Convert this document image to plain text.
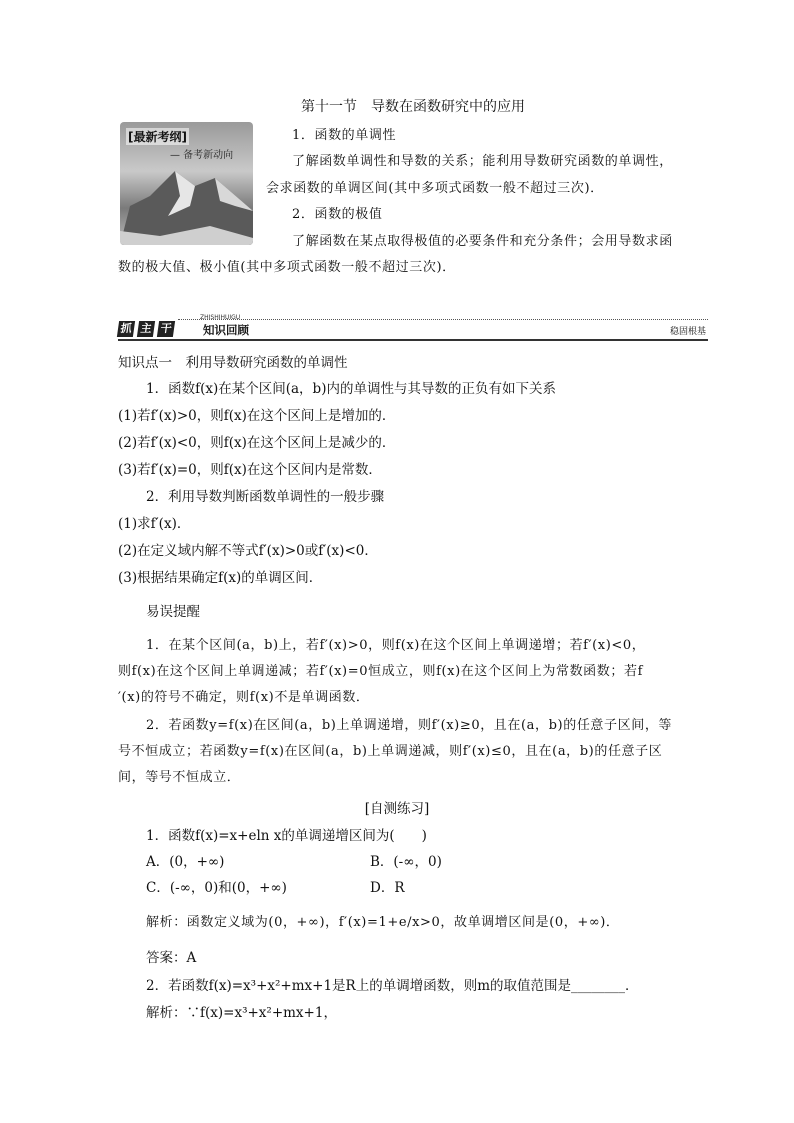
第十一节　导数在函数研究中的应用
[最新考纲]
— 备考新动向
1．函数的单调性
了解函数单调性和导数的关系；能利用导数研究函数的单调性，
会求函数的单调区间(其中多项式函数一般不超过三次)．
2．函数的极值
了解函数在某点取得极值的必要条件和充分条件；会用导数求函
数的极大值、极小值(其中多项式函数一般不超过三次)．
抓 主 干
ZHISHIHUIGU
知识回顾	稳固根基
知识点一　利用导数研究函数的单调性
1．函数f(x)在某个区间(a，b)内的单调性与其导数的正负有如下关系
(1)若f′(x)>0，则f(x)在这个区间上是增加的．
(2)若f′(x)<0，则f(x)在这个区间上是减少的．
(3)若f′(x)=0，则f(x)在这个区间内是常数．
2．利用导数判断函数单调性的一般步骤
(1)求f′(x)．
(2)在定义域内解不等式f′(x)>0或f′(x)<0．
(3)根据结果确定f(x)的单调区间．
易误提醒
1．在某个区间(a，b)上，若f′(x)>0，则f(x)在这个区间上单调递增；若f′(x)<0，
则f(x)在这个区间上单调递减；若f′(x)=0恒成立，则f(x)在这个区间上为常数函数；若f
′(x)的符号不确定，则f(x)不是单调函数．
2．若函数y=f(x)在区间(a，b)上单调递增，则f′(x)≥0，且在(a，b)的任意子区间，等
号不恒成立；若函数y=f(x)在区间(a，b)上单调递减，则f′(x)≤0，且在(a，b)的任意子区
间，等号不恒成立．
[自测练习]
1．函数f(x)=x+eln x的单调递增区间为(　　)
A．(0，+∞)	B．(-∞，0)
C．(-∞，0)和(0，+∞)	D．R
解析：函数定义域为(0，+∞)，f′(x)=1+e/x>0，故单调增区间是(0，+∞)．
答案：A
2．若函数f(x)=x³+x²+mx+1是R上的单调增函数，则m的取值范围是________．
解析：∵f(x)=x³+x²+mx+1，
